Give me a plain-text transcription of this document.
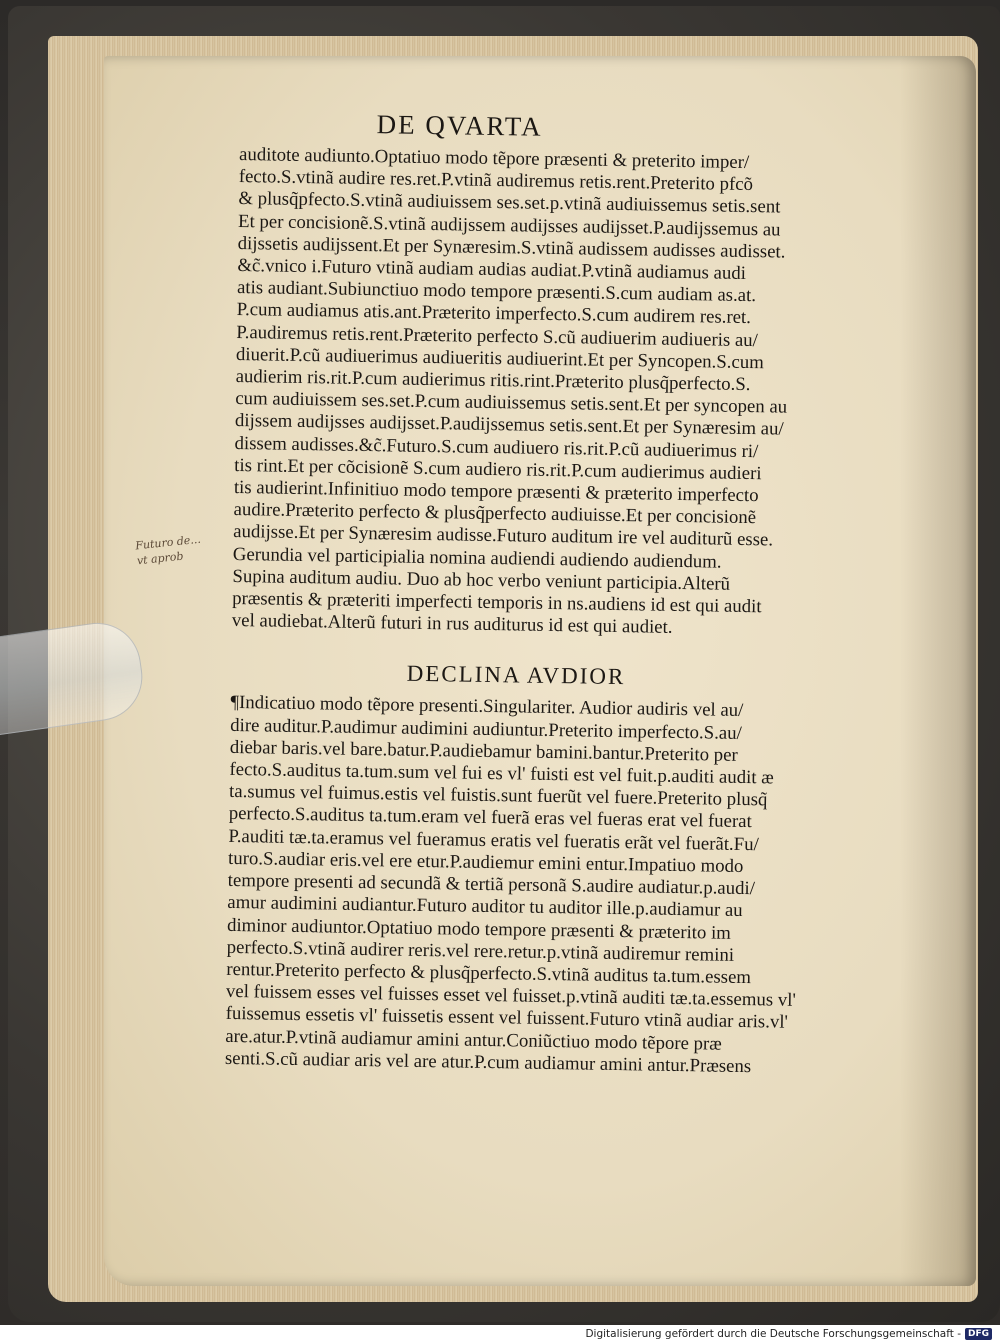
DE QVARTA
auditote audiunto.Optatiuo modo tẽpore præsenti & preterito imper/
fecto.S.vtinã audire res.ret.P.vtinã audiremus retis.rent.Preterito pfcõ
& plusq̃pfecto.S.vtinã audiuissem ses.set.p.vtinã audiuissemus setis.sent
Et per concisionẽ.S.vtinã audijssem audijsses audijsset.P.audijssemus au
dijssetis audijssent.Et per Synæresim.S.vtinã audissem audisses audisset.
&c̃.vnico i.Futuro vtinã audiam audias audiat.P.vtinã audiamus audi
atis audiant.Subiunctiuo modo tempore præsenti.S.cum audiam as.at.
P.cum audiamus atis.ant.Præterito imperfecto.S.cum audirem res.ret.
P.audiremus retis.rent.Præterito perfecto S.cũ audiuerim audiueris au/
diuerit.P.cũ audiuerimus audiueritis audiuerint.Et per Syncopen.S.cum
audierim ris.rit.P.cum audierimus ritis.rint.Præterito plusq̃perfecto.S.
cum audiuissem ses.set.P.cum audiuissemus setis.sent.Et per syncopen au
dijssem audijsses audijsset.P.audijssemus setis.sent.Et per Synæresim au/
dissem audisses.&c̃.Futuro.S.cum audiuero ris.rit.P.cũ audiuerimus ri/
tis rint.Et per cõcisionẽ S.cum audiero ris.rit.P.cum audierimus audieri
tis audierint.Infinitiuo modo tempore præsenti & præterito imperfecto
audire.Præterito perfecto & plusq̃perfecto audiuisse.Et per concisionẽ
audijsse.Et per Synæresim audisse.Futuro auditum ire vel auditurũ esse.
Gerundia vel participialia nomina audiendi audiendo audiendum.
Supina auditum audiu. Duo ab hoc verbo veniunt participia.Alterũ
præsentis & præteriti imperfecti temporis in ns.audiens id est qui audit
vel audiebat.Alterũ futuri in rus auditurus id est qui audiet.
DECLINA AVDIOR
¶Indicatiuo modo tẽpore presenti.Singulariter. Audior audiris vel au/
dire auditur.P.audimur audimini audiuntur.Preterito imperfecto.S.au/
diebar baris.vel bare.batur.P.audiebamur bamini.bantur.Preterito per
fecto.S.auditus ta.tum.sum vel fui es vl' fuisti est vel fuit.p.auditi audit æ
ta.sumus vel fuimus.estis vel fuistis.sunt fuerũt vel fuere.Preterito plusq̃
perfecto.S.auditus ta.tum.eram vel fuerã eras vel fueras erat vel fuerat
P.auditi tæ.ta.eramus vel fueramus eratis vel fueratis erãt vel fuerãt.Fu/
turo.S.audiar eris.vel ere etur.P.audiemur emini entur.Impatiuo modo
tempore presenti ad secundã & tertiã personã S.audire audiatur.p.audi/
amur audimini audiantur.Futuro auditor tu auditor ille.p.audiamur au
diminor audiuntor.Optatiuo modo tempore præsenti & præterito im
perfecto.S.vtinã audirer reris.vel rere.retur.p.vtinã audiremur remini
rentur.Preterito perfecto & plusq̃perfecto.S.vtinã auditus ta.tum.essem
vel fuissem esses vel fuisses esset vel fuisset.p.vtinã auditi tæ.ta.essemus vl'
fuissemus essetis vl' fuissetis essent vel fuissent.Futuro vtinã audiar aris.vl'
are.atur.P.vtinã audiamur amini antur.Coniũctiuo modo tẽpore præ
senti.S.cũ audiar aris vel are atur.P.cum audiamur amini antur.Præsens
Futuro de...
vt aprob
Digitalisierung gefördert durch die Deutsche Forschungsgemeinschaft - DFG
